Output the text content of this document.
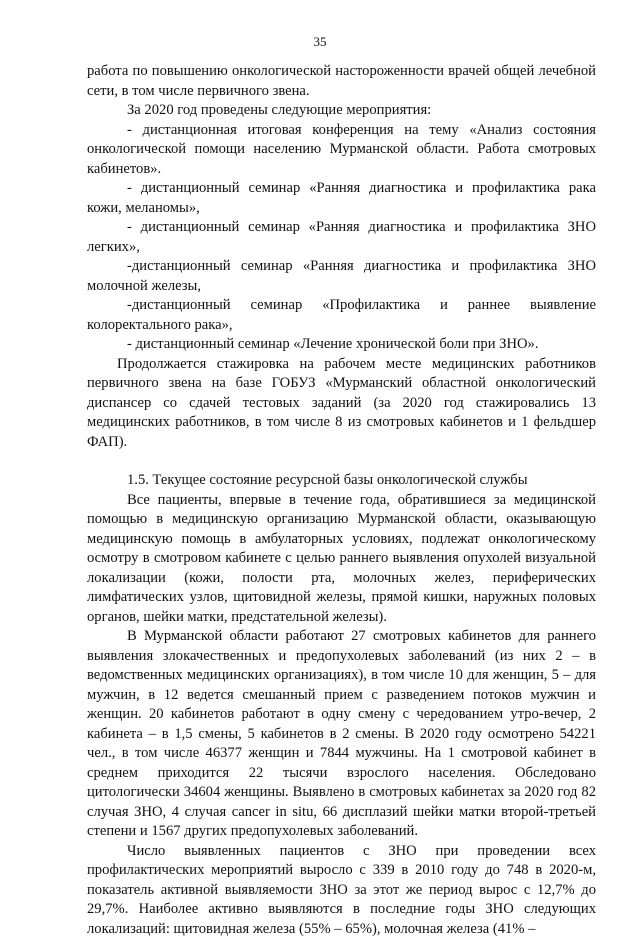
35

работа по повышению онкологической настороженности врачей общей лечебной сети, в том числе первичного звена.

За 2020 год проведены следующие мероприятия:

- дистанционная итоговая конференция на тему «Анализ состояния онкологической помощи населению Мурманской области. Работа смотровых кабинетов».

- дистанционный семинар «Ранняя диагностика и профилактика рака кожи, меланомы»,

- дистанционный семинар «Ранняя диагностика и профилактика ЗНО легких»,

-дистанционный семинар «Ранняя диагностика и профилактика ЗНО молочной железы,

-дистанционный семинар «Профилактика и раннее выявление колоректального рака»,

- дистанционный семинар «Лечение хронической боли при ЗНО».

Продолжается стажировка на рабочем месте медицинских работников первичного звена на базе ГОБУЗ «Мурманский областной онкологический диспансер со сдачей тестовых заданий (за 2020 год стажировались 13 медицинских работников, в том числе 8 из смотровых кабинетов и 1 фельдшер ФАП).

1.5. Текущее состояние ресурсной базы онкологической службы

Все пациенты, впервые в течение года, обратившиеся за медицинской помощью в медицинскую организацию Мурманской области, оказывающую медицинскую помощь в амбулаторных условиях, подлежат онкологическому осмотру в смотровом кабинете с целью раннего выявления опухолей визуальной локализации (кожи, полости рта, молочных желез, периферических лимфатических узлов, щитовидной железы, прямой кишки, наружных половых органов, шейки матки, предстательной железы).

В Мурманской области работают 27 смотровых кабинетов для раннего выявления злокачественных и предопухолевых заболеваний (из них 2 – в ведомственных медицинских организациях), в том числе 10 для женщин, 5 – для мужчин, в 12 ведется смешанный прием с разведением потоков мужчин и женщин. 20 кабинетов работают в одну смену с чередованием утро-вечер, 2 кабинета – в 1,5 смены, 5 кабинетов в 2 смены. В 2020 году осмотрено 54221 чел., в том числе 46377 женщин и 7844 мужчины. На 1 смотровой кабинет в среднем приходится 22 тысячи взрослого населения. Обследовано цитологически 34604 женщины. Выявлено в смотровых кабинетах за 2020 год 82 случая ЗНО, 4 случая cancer in situ, 66 дисплазий шейки матки второй-третьей степени и 1567 других предопухолевых заболеваний.

Число выявленных пациентов с ЗНО при проведении всех профилактических мероприятий выросло с 339 в 2010 году до 748 в 2020-м, показатель активной выявляемости ЗНО за этот же период вырос с 12,7% до 29,7%. Наиболее активно выявляются в последние годы ЗНО следующих локализаций: щитовидная железа (55% – 65%), молочная железа (41% –
